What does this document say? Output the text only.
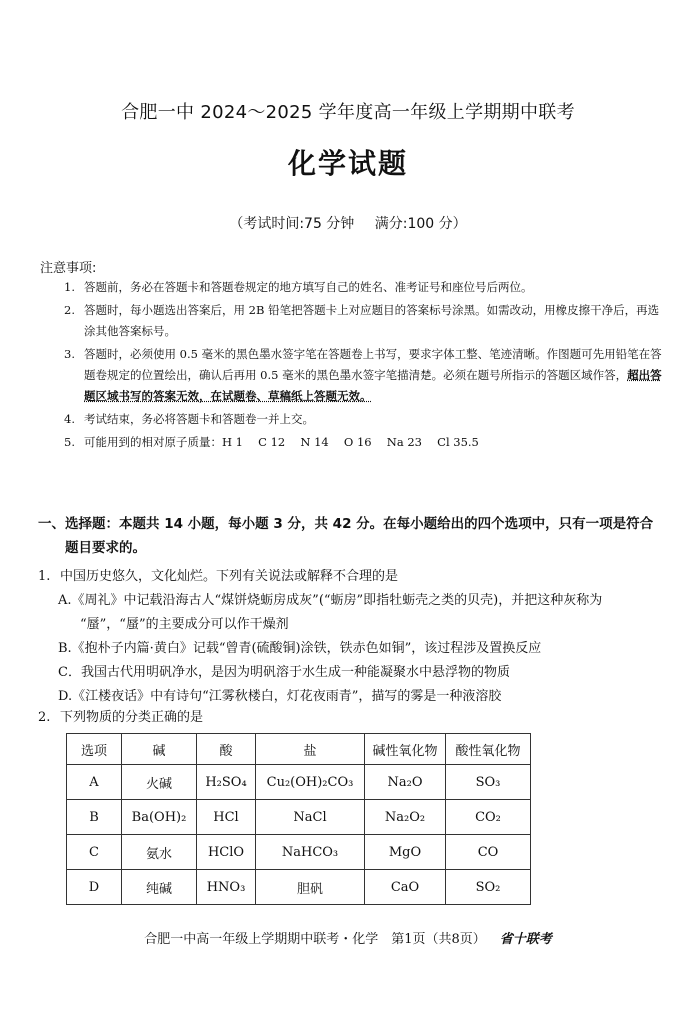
合肥一中 2024～2025 学年度高一年级上学期期中联考
化学试题
（考试时间:75 分钟 满分:100 分）
注意事项:
1. 答题前，务必在答题卡和答题卷规定的地方填写自己的姓名、准考证号和座位号后两位。
2. 答题时，每小题选出答案后，用 2B 铅笔把答题卡上对应题目的答案标号涂黑。如需改动，用橡皮擦干净后，再选涂其他答案标号。
3. 答题时，必须使用 0.5 毫米的黑色墨水签字笔在答题卷上书写，要求字体工整、笔迹清晰。作图题可先用铅笔在答题卷规定的位置绘出，确认后再用 0.5 毫米的黑色墨水签字笔描清楚。必须在题号所指示的答题区域作答，超出答题区域书写的答案无效，在试题卷、草稿纸上答题无效。
4. 考试结束，务必将答题卡和答题卷一并上交。
5. 可能用到的相对原子质量：H 1　 C 12　 N 14　 O 16　 Na 23　 Cl 35.5
一、选择题：本题共 14 小题，每小题 3 分，共 42 分。在每小题给出的四个选项中，只有一项是符合
题目要求的。
1. 中国历史悠久，文化灿烂。下列有关说法或解释不合理的是
A.《周礼》中记载沿海古人“煤饼烧蛎房成灰”(“蛎房”即指牡蛎壳之类的贝壳)，并把这种灰称为
“蜃”，“蜃”的主要成分可以作干燥剂
B.《抱朴子内篇·黄白》记载“曾青(硫酸铜)涂铁，铁赤色如铜”，该过程涉及置换反应
C．我国古代用明矾净水，是因为明矾溶于水生成一种能凝聚水中悬浮物的物质
D.《江楼夜话》中有诗句“江雾秋楼白，灯花夜雨青”，描写的雾是一种液溶胶
2. 下列物质的分类正确的是
选项	碱	酸	盐	碱性氧化物	酸性氧化物
A	火碱	H₂SO₄	Cu₂(OH)₂CO₃	Na₂O	SO₃
B	Ba(OH)₂	HCl	NaCl	Na₂O₂	CO₂
C	氨水	HClO	NaHCO₃	MgO	CO
D	纯碱	HNO₃	胆矾	CaO	SO₂
合肥一中高一年级上学期期中联考・化学　第1页（共8页） 省十联考
